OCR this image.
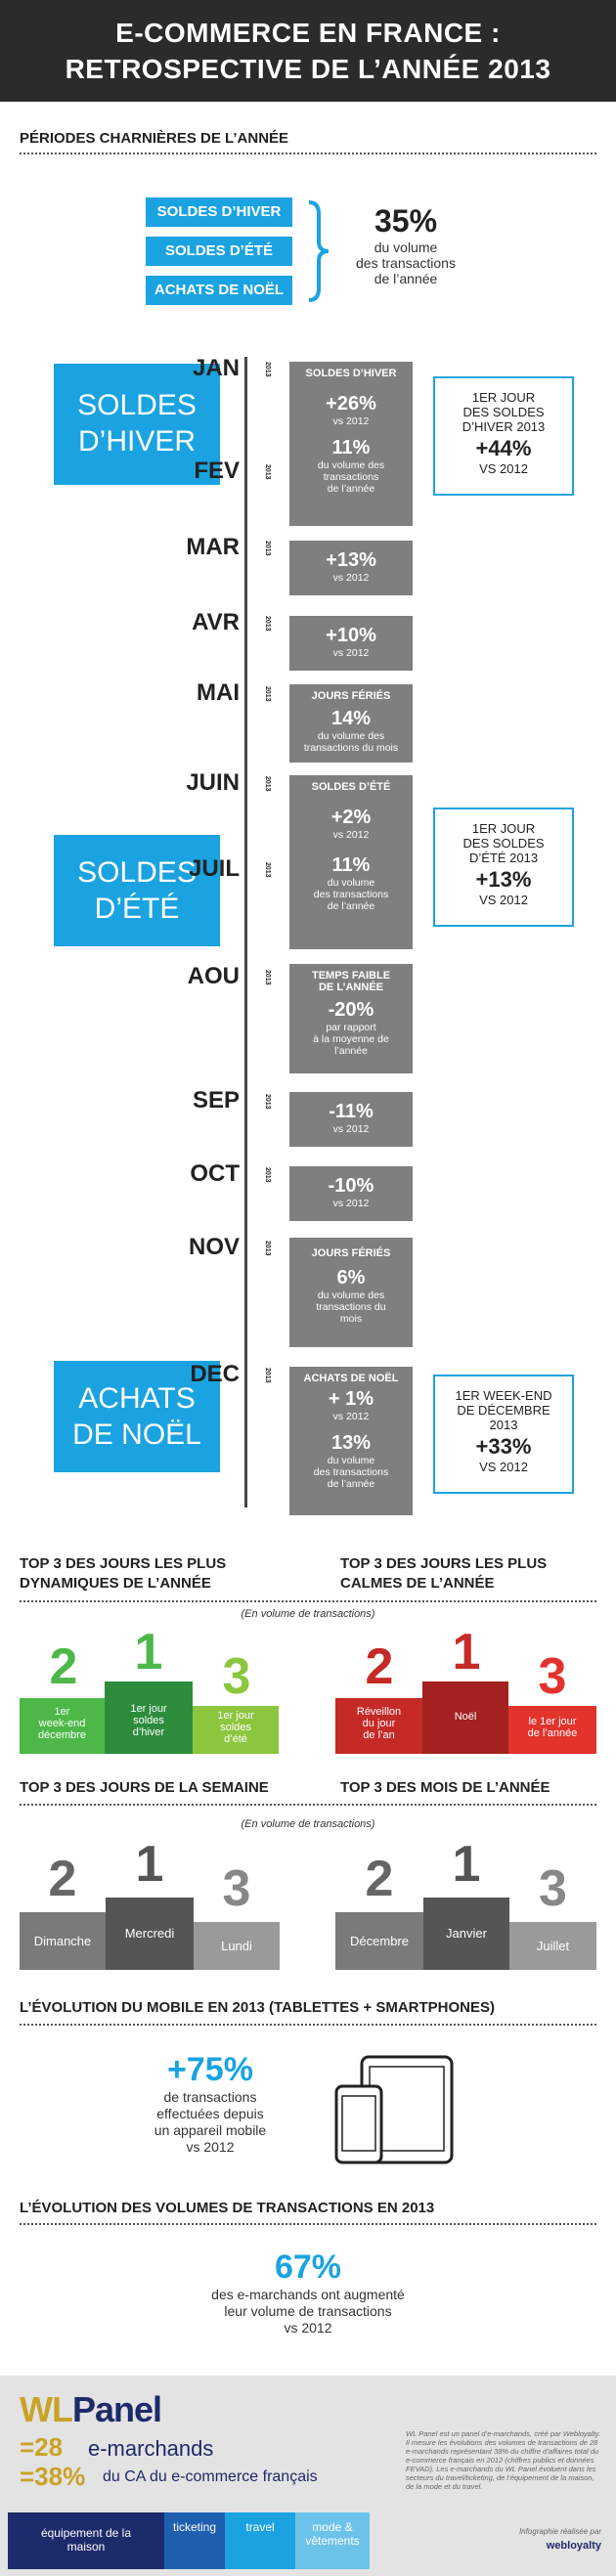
E-COMMERCE EN FRANCE :
RETROSPECTIVE DE L’ANNÉE 2013
PÉRIODES CHARNIÈRES DE L’ANNÉE
SOLDES D’HIVER
SOLDES D’ÉTÉ
ACHATS DE NOËL
35%
du volume
des transactions
de l’année
SOLDES
D’HIVER
SOLDES
D’ÉTÉ
ACHATS
DE NOËL
JAN	2013
FEV	2013
MAR	2013
AVR	2013
MAI	2013
JUIN	2013
JUIL	2013
AOU	2013
SEP	2013
OCT	2013
NOV	2013
DEC	2013
SOLDES D’HIVER
+26%
vs 2012
11%
du volume des
transactions
de l’année
+13%
vs 2012
+10%
vs 2012
JOURS FÉRIÉS
14%
du volume des
transactions du mois
SOLDES D’ÉTÉ
+2%
vs 2012
11%
du volume
des transactions
de l’année
TEMPS FAIBLE
DE L’ANNÉE
-20%
par rapport
à la moyenne de
l’année
-11%
vs 2012
-10%
vs 2012
JOURS FÉRIÉS
6%
du volume des
transactions du
mois
ACHATS DE NOËL
+ 1%
vs 2012
13%
du volume
des transactions
de l’année
1ER JOUR
DES SOLDES
D’HIVER 2013
+44%
VS 2012
1ER JOUR
DES SOLDES
D’ÉTÉ 2013
+13%
VS 2012
1ER WEEK-END
DE DÉCEMBRE
2013
+33%
VS 2012
TOP 3 DES JOURS LES PLUS
DYNAMIQUES DE L’ANNÉE
TOP 3 DES JOURS LES PLUS
CALMES DE L’ANNÉE
(En volume de transactions)
2	1	3
1er
week-end
décembre
1er jour
soldes
d’hiver
1er jour
soldes
d’été
2	1	3
Réveillon
du jour
de l’an
Noël	le 1er jour
de l’année
TOP 3 DES JOURS DE LA SEMAINE	TOP 3 DES MOIS DE L’ANNÉE
(En volume de transactions)
2	1	3
Dimanche
Mercredi
Lundi
2	1	3
Décembre
Janvier
Juillet
L’ÉVOLUTION DU MOBILE EN 2013 (TABLETTES + SMARTPHONES)
+75%
de transactions
effectuées depuis
un appareil mobile
vs 2012
L’ÉVOLUTION DES VOLUMES DE TRANSACTIONS EN 2013
67%
des e-marchands ont augmenté
leur volume de transactions
vs 2012
WLPanel
=28 e-marchands
=38% du CA du e-commerce français
équipement de la maison
ticketing	travel	mode & vêtements
WL Panel est un panel d’e-marchands, créé par Webloyalty. Il mesure les évolutions des volumes de transactions de 28 e-marchands représentant 38% du chiffre d’affaires total du e-commerce français en 2012 (chiffres publics et données FEVAD). Les e-marchands du WL Panel évoluent dans les secteurs du travel/ticketing, de l’équipement de la maison, de la mode et du travel.
Infographie réalisée par
webloyalty
